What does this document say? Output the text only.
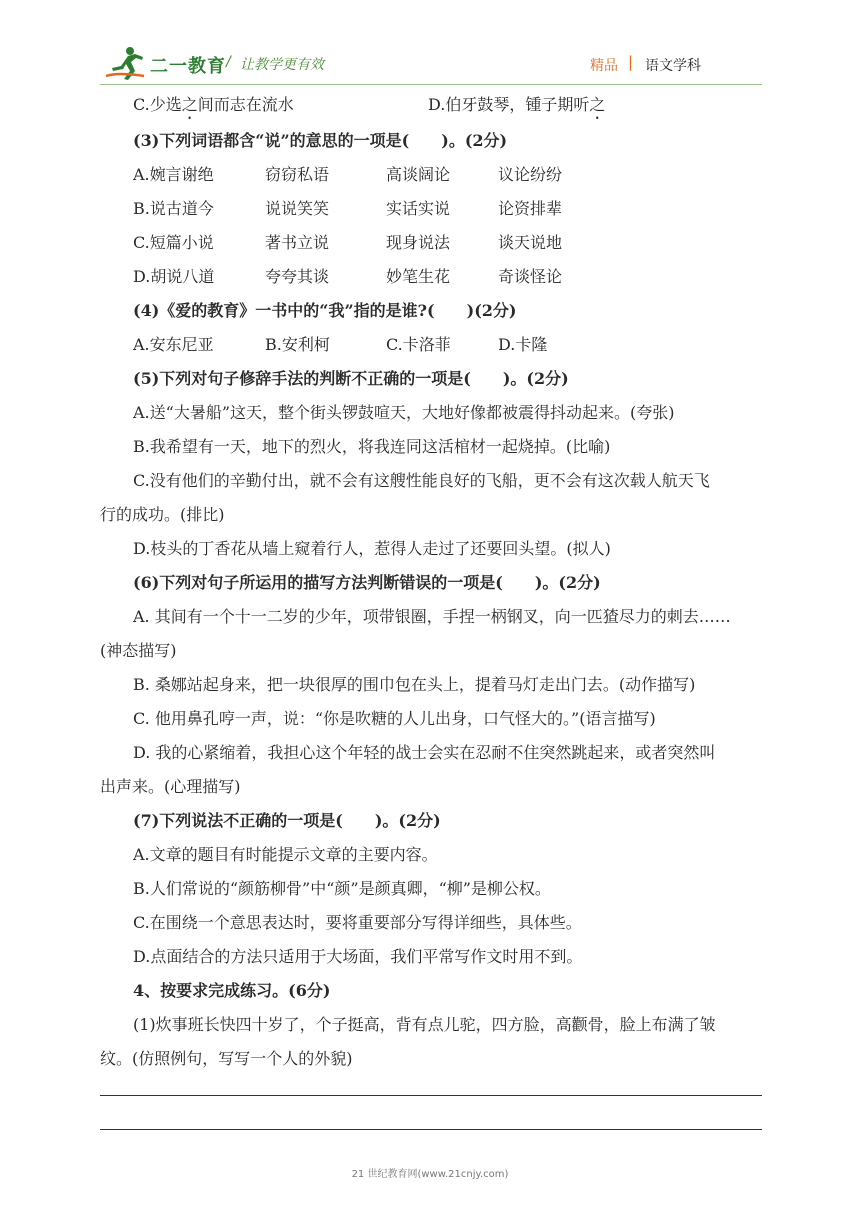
二一教育 / 让教学更有效	精品 | 语文学科
C.少选之间而志在流水	D.伯牙鼓琴，锺子期听之
(3)下列词语都含“说”的意思的一项是(　　)。(2分)
A.婉言谢绝	窃窃私语	高谈阔论	议论纷纷
B.说古道今	说说笑笑	实话实说	论资排辈
C.短篇小说	著书立说	现身说法	谈天说地
D.胡说八道	夸夸其谈	妙笔生花	奇谈怪论
(4)《爱的教育》一书中的“我”指的是谁?(　　)(2分)
A.安东尼亚	B.安利柯	C.卡洛菲	D.卡隆
(5)下列对句子修辞手法的判断不正确的一项是(　　)。(2分)
A.送“大暑船”这天，整个街头锣鼓喧天，大地好像都被震得抖动起来。(夸张)
B.我希望有一天，地下的烈火，将我连同这活棺材一起烧掉。(比喻)
C.没有他们的辛勤付出，就不会有这艘性能良好的飞船，更不会有这次载人航天飞
行的成功。(排比)
D.枝头的丁香花从墙上窥着行人，惹得人走过了还要回头望。(拟人)
(6)下列对句子所运用的描写方法判断错误的一项是(　　)。(2分)
A. 其间有一个十一二岁的少年，项带银圈，手捏一柄钢叉，向一匹猹尽力的刺去……
(神态描写)
B. 桑娜站起身来，把一块很厚的围巾包在头上，提着马灯走出门去。(动作描写)
C. 他用鼻孔哼一声，说：“你是吹糖的人儿出身，口气怪大的。”(语言描写)
D. 我的心紧缩着，我担心这个年轻的战士会实在忍耐不住突然跳起来，或者突然叫
出声来。(心理描写)
(7)下列说法不正确的一项是(　　)。(2分)
A.文章的题目有时能提示文章的主要内容。
B.人们常说的“颜筋柳骨”中“颜”是颜真卿，“柳”是柳公权。
C.在围绕一个意思表达时，要将重要部分写得详细些，具体些。
D.点面结合的方法只适用于大场面，我们平常写作文时用不到。
4、按要求完成练习。(6分)
(1)炊事班长快四十岁了，个子挺高，背有点儿驼，四方脸，高颧骨，脸上布满了皱
纹。(仿照例句，写写一个人的外貌)
21 世纪教育网(www.21cnjy.com)
